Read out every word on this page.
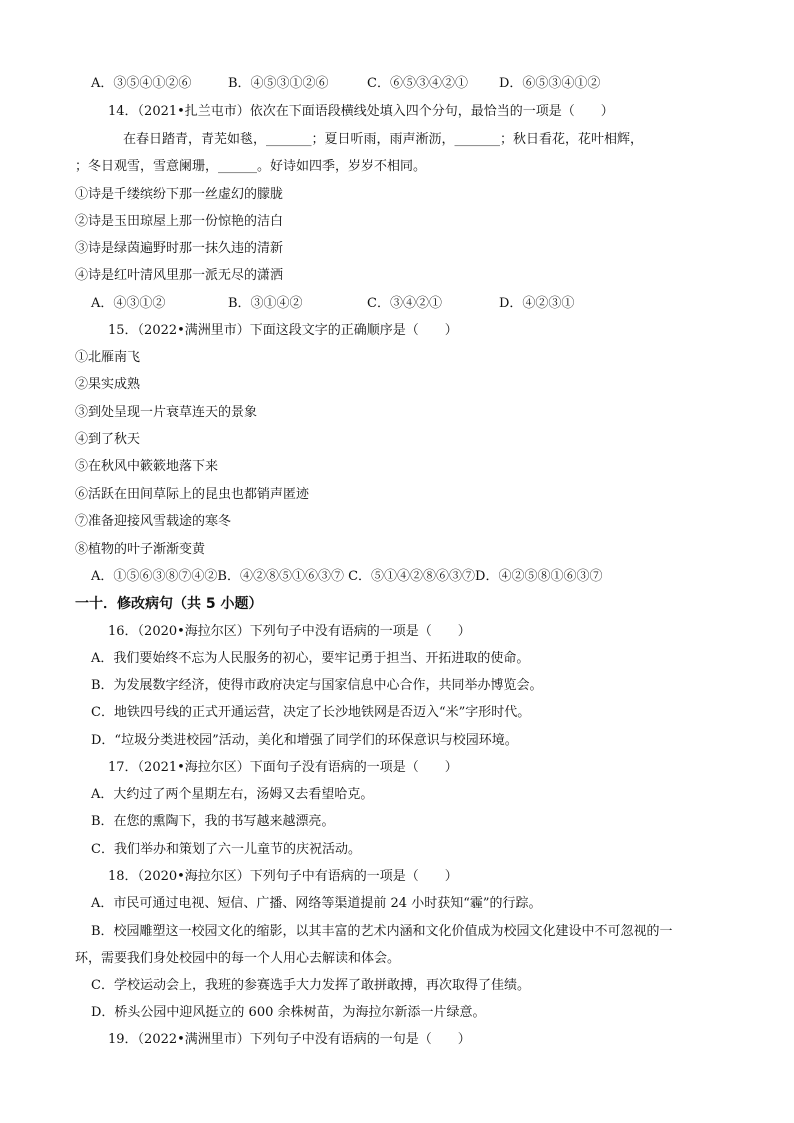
A．③⑤④①②⑥	B．④⑤③①②⑥	C．⑥⑤③④②① D．⑥⑤③④①②
14．（2021•扎兰屯市）依次在下面语段横线处填入四个分句，最恰当的一项是（　　）
在春日踏青，青芜如毯，_______；夏日听雨，雨声淅沥，_______；秋日看花，花叶相辉，
；冬日观雪，雪意阑珊，______。好诗如四季，岁岁不相同。
①诗是千缕缤纷下那一丝虚幻的朦胧
②诗是玉田琼屋上那一份惊艳的洁白
③诗是绿茵遍野时那一抹久违的清新
④诗是红叶清风里那一派无尽的潇洒
A．④③①②	B．③①④②	C．③④②①	D．④②③①
15．（2022•满洲里市）下面这段文字的正确顺序是（　　）
①北雁南飞
②果实成熟
③到处呈现一片衰草连天的景象
④到了秋天
⑤在秋风中簌簌地落下来
⑥活跃在田间草际上的昆虫也都销声匿迹
⑦准备迎接风雪载途的寒冬
⑧植物的叶子渐渐变黄
A．①⑤⑥③⑧⑦④②B．④②⑧⑤①⑥③⑦ C．⑤①④②⑧⑥③⑦D．④②⑤⑧①⑥③⑦
一十．修改病句（共 5 小题）
16．（2020•海拉尔区）下列句子中没有语病的一项是（　　）
A．我们要始终不忘为人民服务的初心，要牢记勇于担当、开拓进取的使命。
B．为发展数字经济，使得市政府决定与国家信息中心合作，共同举办博览会。
C．地铁四号线的正式开通运营，决定了长沙地铁网是否迈入“米”字形时代。
D．“垃圾分类进校园”活动，美化和增强了同学们的环保意识与校园环境。
17．（2021•海拉尔区）下面句子没有语病的一项是（　　）
A．大约过了两个星期左右，汤姆又去看望哈克。
B．在您的熏陶下，我的书写越来越漂亮。
C．我们举办和策划了六一儿童节的庆祝活动。
18．（2020•海拉尔区）下列句子中有语病的一项是（　　）
A．市民可通过电视、短信、广播、网络等渠道提前 24 小时获知“霾”的行踪。
B．校园雕塑这一校园文化的缩影，以其丰富的艺术内涵和文化价值成为校园文化建设中不可忽视的一
环，需要我们身处校园中的每一个人用心去解读和体会。
C．学校运动会上，我班的参赛选手大力发挥了敢拼敢搏，再次取得了佳绩。
D．桥头公园中迎风挺立的 600 余株树苗，为海拉尔新添一片绿意。
19．（2022•满洲里市）下列句子中没有语病的一句是（　　）
